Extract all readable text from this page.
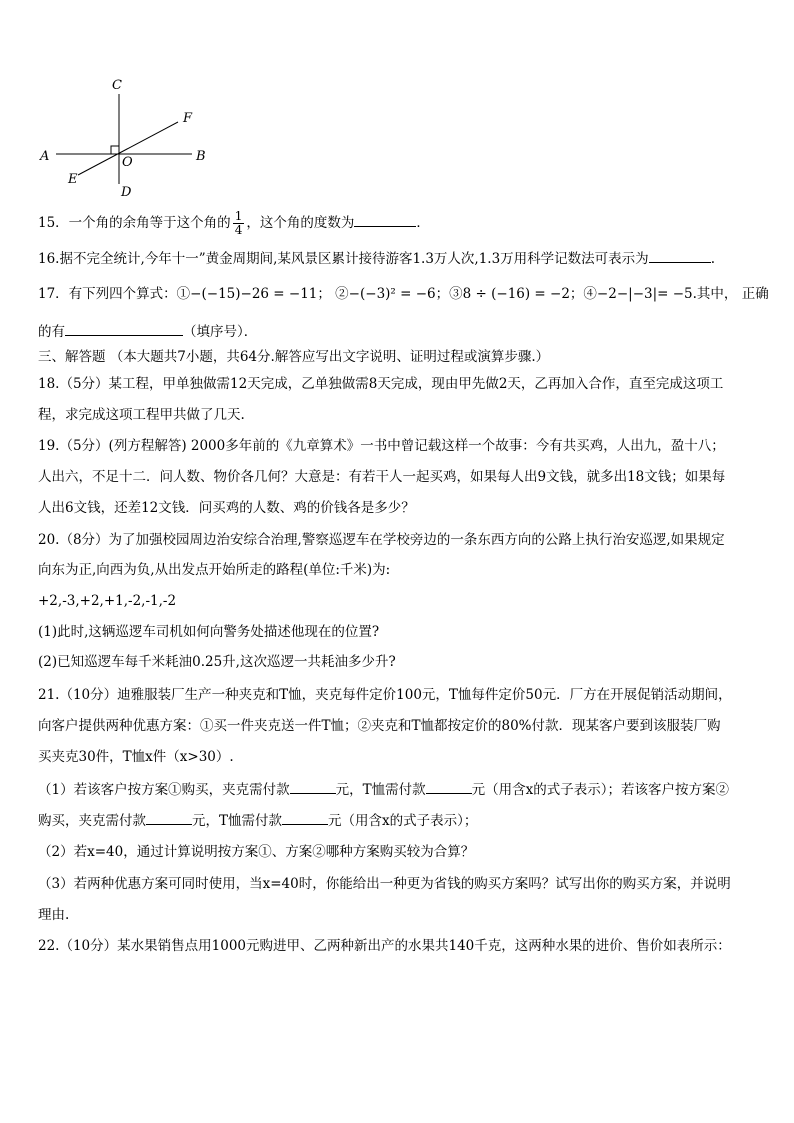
C
F
A	O	B
E
D
15．一个角的余角等于这个角的 $\frac{1}{4}$ ，这个角的度数为	．
16.据不完全统计,今年十一”黄金周期间,某风景区累计接待游客1.3万人次,1.3万用科学记数法可表示为	.
17．有下列四个算式：①−(−15)−26 = −11； ②−(−3)² = −6；③8 ÷ (−16) = −2；④−2−|−3|= −5.其中， 正确
的有	（填序号）．
三、解答题 （本大题共7小题，共64分.解答应写出文字说明、证明过程或演算步骤.）
18.（5分）某工程，甲单独做需12天完成，乙单独做需8天完成，现由甲先做2天，乙再加入合作，直至完成这项工
程，求完成这项工程甲共做了几天.
19.（5分）(列方程解答) 2000多年前的《九章算术》一书中曾记载这样一个故事：今有共买鸡，人出九，盈十八；
人出六，不足十二．问人数、物价各几何？大意是：有若干人一起买鸡，如果每人出9文钱，就多出18文钱；如果每
人出6文钱，还差12文钱．问买鸡的人数、鸡的价钱各是多少？
20.（8分）为了加强校园周边治安综合治理,警察巡逻车在学校旁边的一条东西方向的公路上执行治安巡逻,如果规定
向东为正,向西为负,从出发点开始所走的路程(单位:千米)为:
+2,-3,+2,+1,-2,-1,-2
(1)此时,这辆巡逻车司机如何向警务处描述他现在的位置?
(2)已知巡逻车每千米耗油0.25升,这次巡逻一共耗油多少升?
21.（10分）迪雅服装厂生产一种夹克和T恤，夹克每件定价100元，T恤每件定价50元．厂方在开展促销活动期间，
向客户提供两种优惠方案：①买一件夹克送一件T恤；②夹克和T恤都按定价的80%付款．现某客户要到该服装厂购
买夹克30件，T恤x件（x>30）.
（1）若该客户按方案①购买，夹克需付款	元，T恤需付款	元（用含x的式子表示）；若该客户按方案②
购买，夹克需付款	元，T恤需付款	元（用含x的式子表示）；
（2）若x=40，通过计算说明按方案①、方案②哪种方案购买较为合算？
（3）若两种优惠方案可同时使用，当x=40时，你能给出一种更为省钱的购买方案吗？试写出你的购买方案，并说明
理由.
22.（10分）某水果销售点用1000元购进甲、乙两种新出产的水果共140千克，这两种水果的进价、售价如表所示：
